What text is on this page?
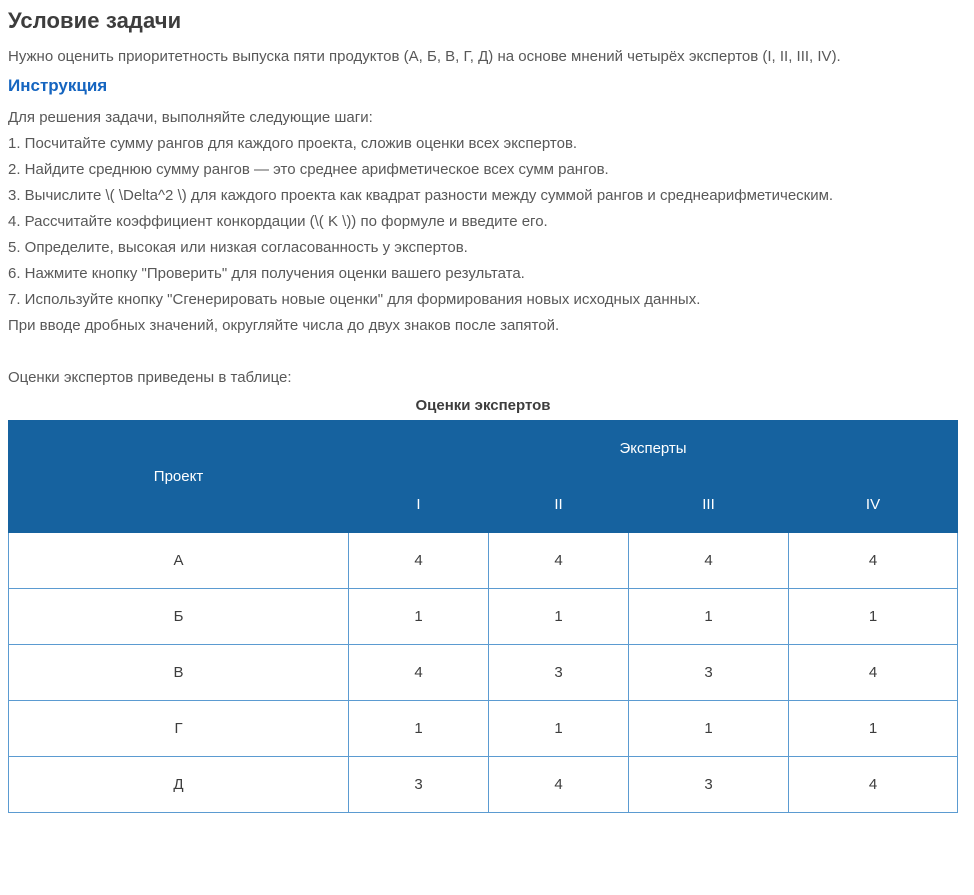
Условие задачи

Нужно оценить приоритетность выпуска пяти продуктов (А, Б, В, Г, Д) на основе мнений четырёх экспертов (I, II, III, IV).

Инструкция

Для решения задачи, выполняйте следующие шаги:

1. Посчитайте сумму рангов для каждого проекта, сложив оценки всех экспертов.

2. Найдите среднюю сумму рангов — это среднее арифметическое всех сумм рангов.

3. Вычислите \( \Delta^2 \) для каждого проекта как квадрат разности между суммой рангов и среднеарифметическим.

4. Рассчитайте коэффициент конкордации (\( K \)) по формуле и введите его.

5. Определите, высокая или низкая согласованность у экспертов.

6. Нажмите кнопку "Проверить" для получения оценки вашего результата.

7. Используйте кнопку "Сгенерировать новые оценки" для формирования новых исходных данных.

При вводе дробных значений, округляйте числа до двух знаков после запятой.

Оценки экспертов приведены в таблице:

Оценки экспертов
Проект	Эксперты			
	I	II	III	IV
А	4	4	4	4
Б	1	1	1	1
В	4	3	3	4
Г	1	1	1	1
Д	3	4	3	4
